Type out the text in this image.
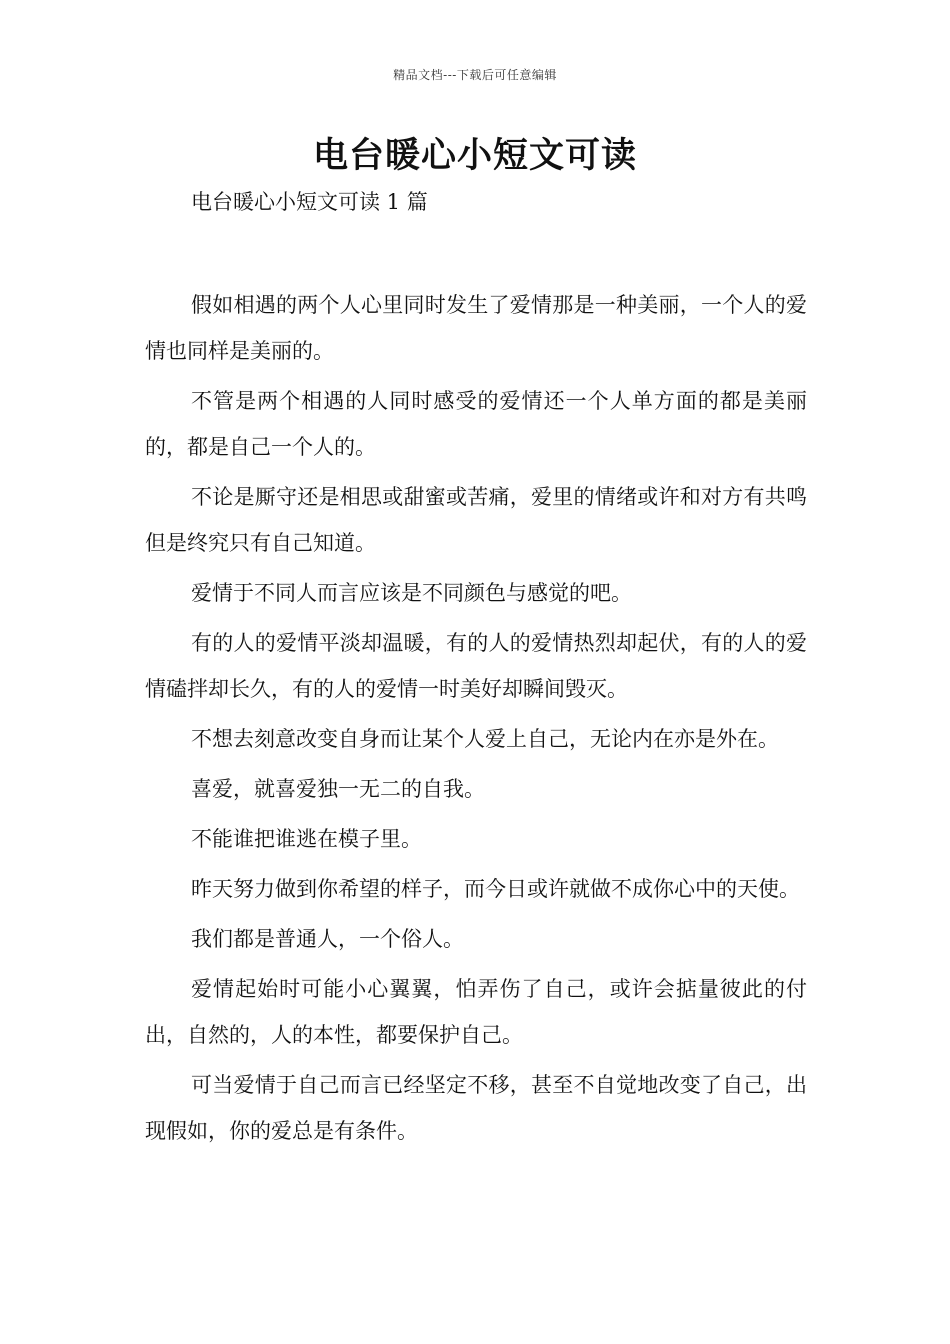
精品文档---下载后可任意编辑
电台暖心小短文可读

电台暖心小短文可读 1 篇

假如相遇的两个人心里同时发生了爱情那是一种美丽，一个人的爱情也同样是美丽的。

不管是两个相遇的人同时感受的爱情还一个人单方面的都是美丽的，都是自己一个人的。

不论是厮守还是相思或甜蜜或苦痛，爱里的情绪或许和对方有共鸣但是终究只有自己知道。

爱情于不同人而言应该是不同颜色与感觉的吧。

有的人的爱情平淡却温暖，有的人的爱情热烈却起伏，有的人的爱情磕拌却长久，有的人的爱情一时美好却瞬间毁灭。

不想去刻意改变自身而让某个人爱上自己，无论内在亦是外在。

喜爱，就喜爱独一无二的自我。

不能谁把谁逃在模子里。

昨天努力做到你希望的样子，而今日或许就做不成你心中的天使。

我们都是普通人，一个俗人。

爱情起始时可能小心翼翼，怕弄伤了自己，或许会掂量彼此的付出，自然的，人的本性，都要保护自己。

可当爱情于自己而言已经坚定不移，甚至不自觉地改变了自己，出现假如，你的爱总是有条件。
